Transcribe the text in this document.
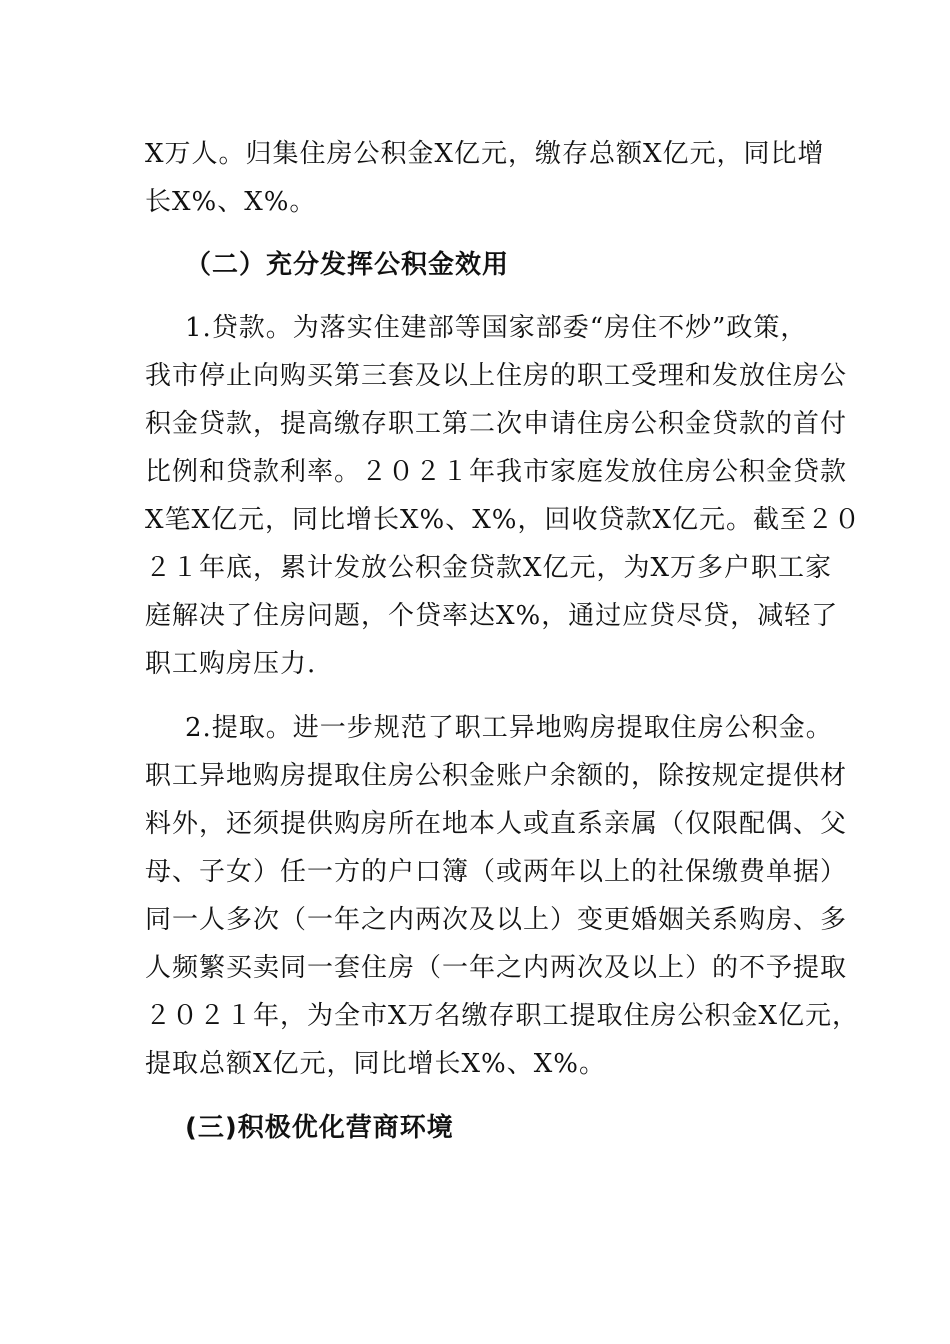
X万人。归集住房公积金X亿元，缴存总额X亿元，同比增
长X%、X%。
（二）充分发挥公积金效用
1.贷款。为落实住建部等国家部委“房住不炒”政策，
我市停止向购买第三套及以上住房的职工受理和发放住房公
积金贷款，提高缴存职工第二次申请住房公积金贷款的首付
比例和贷款利率。２０２１年我市家庭发放住房公积金贷款
X笔X亿元，同比增长X%、X%，回收贷款X亿元。截至２０
２１年底，累计发放公积金贷款X亿元，为X万多户职工家
庭解决了住房问题，个贷率达X%，通过应贷尽贷，减轻了
职工购房压力.
2.提取。进一步规范了职工异地购房提取住房公积金。
职工异地购房提取住房公积金账户余额的，除按规定提供材
料外，还须提供购房所在地本人或直系亲属（仅限配偶、父
母、子女）任一方的户口簿（或两年以上的社保缴费单据）
同一人多次（一年之内两次及以上）变更婚姻关系购房、多
人频繁买卖同一套住房（一年之内两次及以上）的不予提取
２０２１年，为全市X万名缴存职工提取住房公积金X亿元，
提取总额X亿元，同比增长X%、X%。
(三)积极优化营商环境
